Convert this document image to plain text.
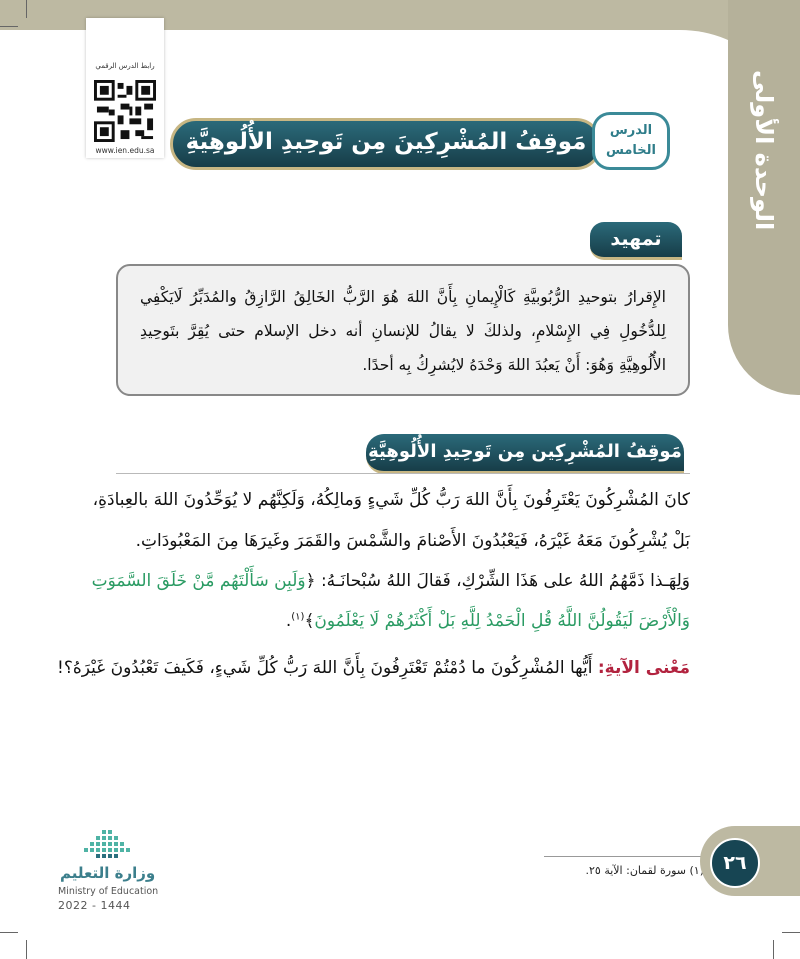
رابط الدرس الرقمي
www.ien.edu.sa	الوحدة الأولى
مَوقِفُ المُشْرِكِينَ مِن تَوحِيدِ الأُلُوهِيَّةِ	الدرس
الخامس
تمهيد
الإِقرارُ بتوحيدِ الرُّبُوبيَّةِ كَالْإِيمانِ بِأَنَّ اللهَ هُوَ الرَّبُّ الخَالِقُ الرَّازِقُ والمُدَبِّرُ لَايَكْفِي لِلدُّخُولِ فِي الإِسْلامِ، ولذلكَ لا يقالُ للإنسانِ أنه دخل الإسلام حتى يُقِرَّ بتَوحِيدِ الأُلُوهِيَّةِ وَهُوَ: أَنْ يَعبُدَ اللهَ وَحْدَهُ لايُشرِكُ بِه أحدًا.
مَوقِفُ المُشْرِكِين مِن تَوحِيدِ الأُلُوهِيَّةِ
كانَ المُشْرِكُونَ يَعْتَرِفُونَ بِأَنَّ اللهَ رَبُّ كُلِّ شَيءٍ وَمالِكُهُ، وَلَكِنَّهُم لا يُوَحِّدُونَ اللهَ بالعِبادَةِ،
بَلْ يُشْرِكُونَ مَعَهُ غَيْرَهُ، فَيَعْبُدُونَ الأَصْنامَ والشَّمْسَ والقَمَرَ وغَيرَهَا مِنَ المَعْبُودَاتِ.
وَلِهَـذا ذَمَّهُمُ اللهُ على هَذَا الشِّرْكِ، فَقالَ اللهُ سُبْحانَـهُ: ﴿وَلَبِن سَأَلْتَهُم مَّنْ خَلَقَ السَّمَوَتِ
وَالْأَرْضَ لَيَقُولُنَّ اللَّهُ قُلِ الْحَمْدُ لِلَّهِ بَلْ أَكْثَرُهُمْ لَا يَعْلَمُونَ﴾$^{(١)}$.
مَعْنى الآيةِ: أَيُّها المُشْرِكُونَ ما دُمْتُمْ تَعْتَرِفُونَ بِأَنَّ اللهَ رَبُّ كُلِّ شَيءٍ، فَكَيفَ تَعْبُدُونَ غَيْرَهُ؟!
١) سورة لقمان: الآية ٢٥.	٢٦
وزارة التعليم
Ministry of Education
2022 - 1444
